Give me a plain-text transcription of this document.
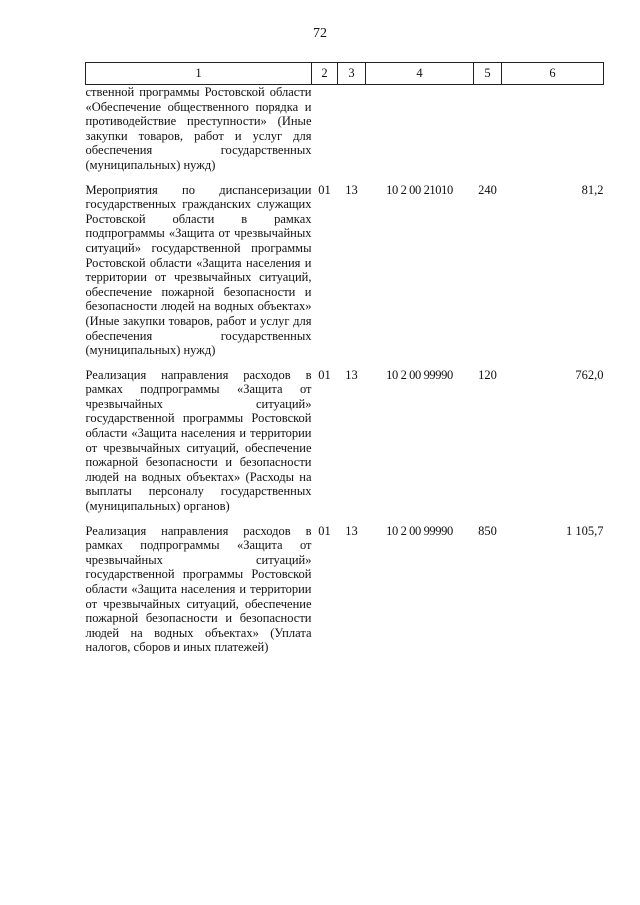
72
1	2	3	4	5	6
ственной программы Ростовской области «Обеспечение общественного порядка и противодействие преступности» (Иные закупки товаров, работ и услуг для обеспечения государственных (муниципальных) нужд)					

Мероприятия по диспансеризации государственных гражданских служащих Ростовской области в рамках подпрограммы «Защита от чрезвычайных ситуаций» государственной программы Ростовской области «Защита населения и территории от чрезвычайных ситуаций, обеспечение пожарной безопасности и безопасности людей на водных объектах» (Иные закупки товаров, работ и услуг для обеспечения государственных (муниципальных) нужд)	01	13	10 2 00 21010	240	81,2

Реализация направления расходов в рамках подпрограммы «Защита от чрезвычайных ситуаций» государственной программы Ростовской области «Защита населения и территории от чрезвычайных ситуаций, обеспечение пожарной безопасности и безопасности людей на водных объектах» (Расходы на выплаты персоналу государственных (муниципальных) органов)	01	13	10 2 00 99990	120	762,0

Реализация направления расходов в рамках подпрограммы «Защита от чрезвычайных ситуаций» государственной программы Ростовской области «Защита населения и территории от чрезвычайных ситуаций, обеспечение пожарной безопасности и безопасности людей на водных объектах» (Уплата налогов, сборов и иных платежей)	01	13	10 2 00 99990	850	1 105,7
